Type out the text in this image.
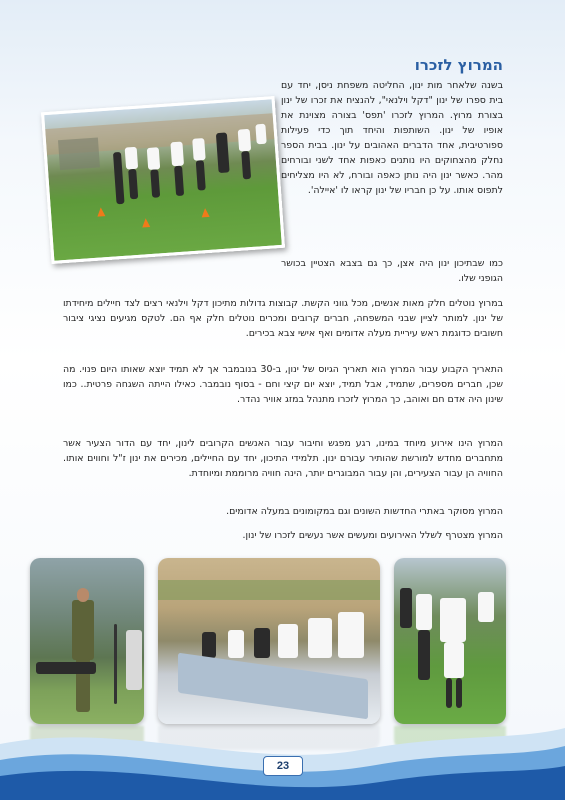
המרוץ לזכרו

בשנה שלאחר מות ינון, החליטה משפחת ניסן, יחד עם בית ספרו של ינון "דקל וילנאי", להנציח את זכרו של ינון בצורת מרוץ. המרוץ לזכרו 'תפס' בצורה מצוינת את אופיו של ינון. השותפות והיחד תוך כדי פעילות ספורטיבית, אחד הדברים האהובים על ינון. בבית הספר נחלק מהצחוקים היו נותנים כאפות אחד לשני ובורחים מהר. כאשר ינון היה נותן כאפה ובורח, לא היו מצליחים לתפוס אותו. על כן חבריו של ינון קראו לו 'איילה'.

כמו שבתיכון ינון היה אצן, כך גם בצבא הצטיין בכושר הגופני שלו.

במרוץ נוטלים חלק מאות אנשים, מכל גווני הקשת. קבוצות גדולות מתיכון דקל וילנאי רצים לצד חיילים מיחידתו של ינון. למותר לציין שבני המשפחה, חברים קרובים ומכרים נוטלים חלק אף הם. לטקס מגיעים נציגי ציבור חשובים כדוגמת ראש עיריית מעלה אדומים ואף אישי צבא בכירים.

התאריך הקבוע עבור המרוץ הוא תאריך הגיוס של ינון, ב-30 בנובמבר אך לא תמיד יוצא שאותו היום פנוי. מה שכן, חברים מספרים, שתמיד, אבל תמיד, יוצא יום קיצי וחם - בסוף נובמבר. כאילו הייתה השגחה פרטית.. כמו שינון היה אדם חם ואוהב, כך המרוץ לזכרו מתנהל במזג אוויר נהדר.

המרוץ הינו אירוע מיוחד במינו, רגע מפגש וחיבור עבור האנשים הקרובים לינון, יחד עם הדור הצעיר אשר מתחברים מחדש למורשת שהותיר עבורם ינון. תלמידי התיכון, יחד עם החיילים, מכירים את ינון ז"ל וחווים אותו. החוויה הן עבור הצעירים, והן עבור המבוגרים יותר, הינה חוויה מרוממת ומיוחדת.

המרוץ מסוקר באתרי החדשות השונים וגם במקומונים במעלה אדומים.

המרוץ מצטרף לשלל האירועים ומעשים אשר נעשים לזכרו של ינון.

23
